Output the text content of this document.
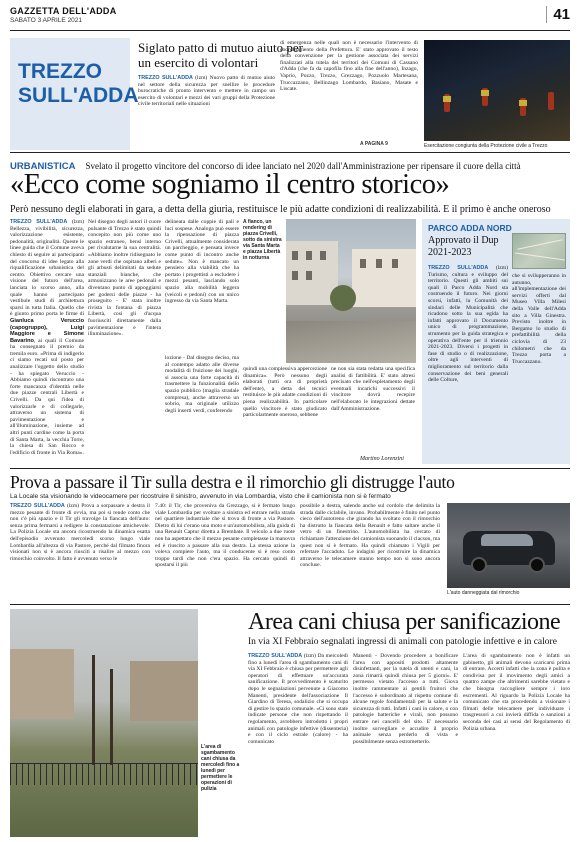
GAZZETTA DELL'ADDA
SABATO 3 APRILE 2021	41
TREZZO
SULL'ADDA
Siglato patto di mutuo aiuto per un esercito di volontari
TREZZO SULL'ADDA (lzm) Nuovo patto di mutuo aiuto nel settore della sicurezza per snellire le procedure burocratiche di pronto intervento e mettere in campo un esercito di volontari e mezzi dei vari gruppi della Protezione civile territoriali nelle situazioni
di emergenza nelle quali non è necessario l'intervento di coordinamento della Prefettura. E' stato approvato il testo della convenzione per la gestione associata dei servizi finalizzati alla tutela dei territori dei Comuni di Cassano d'Adda (che fa da capofila fino alla fine dell'anno), Inzago, Vaprio, Pozzo, Trezzo, Grezzago, Pozzuolo Martesana, Truccazzano, Bellinzago Lombardo, Basiano, Masate e Liscate.
A PAGINA 9	Esercitazione congiunta della Protezione civile a Trezzo
URBANISTICA Svelato il progetto vincitore del concorso di idee lanciato nel 2020 dall'Amministrazione per ripensare il cuore della città
«Ecco come sogniamo il centro storico»
Però nessuno degli elaborati in gara, a detta della giuria, restituisce le più adatte condizioni di realizzabilità. E il primo è anche oneroso
TREZZO SULL'ADDA (lzm) Bellezza, vivibilità, sicurezza, valorizzazione esistente, pedonalità, originalità. Queste le linee guida che il Comune aveva chiesto di seguire ai partecipanti del concorso di idee legato alla riqualificazione urbanistica del centro. Obiettivo cercare una visione del futuro dell'area, lanciata lo scorso anno, alla quale hanno partecipato vestibule studi di architettura sparsi in tutta Italia. Quello che è giunto primo porta le firme di Gianluca Veruccio (capogruppo), Luigi Maggiore e Simone Bavarino, ai quali il Comune ha consegnato il premio da tremila euro. «Prima di indigerlo ci siamo recati sul posto per analizzare l'oggetto dello studio - ha spiegato Veruccio - Abbiamo quindi riscontrato una forte mancanza d'identità nelle due piazze centrali Libertà e Crivelli. Da qui l'idea di valorizzarle e di collegarle, attraverso un sistema di pavimentazione e all'illuminazione, insieme ad altri punti cardine come la porta di Santa Marta, la vecchia Torre, la chiesa di San Rocco e l'edificio di fronte in Via Roma».
Nel disegno degli autori il cuore pulsante di Trezzo è stato quindi concepito non più come uno spazio estraneo, bensì interno per rivalutarne la sua centralità. «Abbiamo inoltre ridisegnato le zone verdi che ospitano alberi e gli arbusti delimitati da sedute stanziali bianche, che armonizzano le aree pedonali e diventano punto di appoggiarsi per godersi delle piazze - ha proseguito - E' stata inoltre rivista la fontana di piazza Libertà, così gli d'acqua fuoriusciti direttamente dalla pavimentazione e l'intera illuminazione».
delineata dalle coppie di pali e luci sospese. Analoga può essere la ripensazione di piazza Crivelli, attualmente considerata un parcheggio, e pensata invece come punto di incontro anche sedute». Non è mancato un pensiero alla viabilità che ha portato i progettisti a escludere i mezzi pesanti, lasciando solo spazio alla mobilità leggera (veicoli e pedoni) con un unico ingresso da via Santa Marta.
A fianco, un rendering di piazza Crivelli, sotto da sinistra via Santa Marta e piazza Libertà in notturna
lozione - Dal disegno deciso, ma al contempo adatto alle diverse modalità di fruizione dei luoghi, si associa una forte capacità di trasmettere la funzionalità dello spazio pubblico (maglia stradale compresa), anche attraverso un sobrio, ma originale utilizzo degli inserti verdi, conferendo
quindi una complessiva appercezione dinamica». Però nessuno degli elaborati (tutti ora di proprietà dell'ente), a detta dei tecnici restituisce le più adatte condizioni di piena realizzabilità. In particolare quello vincitore è stato giudicato particolarmente oneroso, sebbene
ne non sia stata redatta una specifica analisi di fattibilità. E' stato altresì precisato che nell'espletamento degli eventuali incarichi successivi il vincitore dovrà recepire nell'elaborato le integrazioni dettate dall'Amministrazione.
Martino Lorenzini
PARCO ADDA NORD
Approvato il Dup 2021-2023
TREZZO SULL'ADDA (lzm) Turismo, cultura e sviluppo del territorio. Questi gli ambiti sui quali il Parco Adda Nord sta costruendo il futuro. Nei giorni scorsi, infatti, la Comunità dei sindaci delle Municipalità che ricadono sotto la sua egida ha infatti approvato il Documento unico di programmazione, strumento per la guida strategica e operativa dell'ente per il triennio 2021-2023. Diversi i progetti in fase di studio o di realizzazione, oltre agli interventi di miglioramento sul territorio dalla conservazione dei beni generali delle Colture,
che si svilupperanno in autunno, all'implementazione dei servizi offerti dal Museo Villa Milesi della Valle dell'Adda sito a Villa Ginestra. Previsto inoltre in Bergamo lo studio di prefattibilità della ciclovia di 23 chilometri che da Trezzo porta a Truccazzano.
Prova a passare il Tir sulla destra e il rimorchio gli distrugge l'auto
La Locale sta visionando le videocamere per ricostruire il sinistro, avvenuto in via Lombardia, visto che il camionista non si è fermato
TREZZO SULL'ADDA (lzm) Prova a sorpassare a destra il mezzo pesante di fronte di ovvia, ma poi si rende conto che non c'è più spazio e il Tir gli travolge la fiancata dell'auto: senza prima fermarsi a redigere la constatazione amichevole. La Polizia Locale sta ancora ricostruendo la dinamica esatta dell'episodio avvenuto mercoledì scorso lungo viale Lombardia all'altezza di via Pastore, perché dal filmato finora visionati non si è ancora riusciti a risalire al mezzo con rimorchio coinvolto. Il fatto è avvenuto verso le
7.40: il Tir, che proveniva da Grezzago, si è fermato lungo viale Lombardia per svoltare a sinistra ed entrare nella strada nel quartiere industriale che si trova di fronte a via Pastore. Dietro di lui c'erano una moto e un'automobilista, alla guida di una Renault Captur diretta a Brembate. Il veicolo a due ruote non ha aspettato che il mezzo pesante completasse la manovra ed è riuscito a passare alla sua destra. La stessa azione la voleva compiere l'auto, ma il conducente si è reso conto troppo tardi che non c'era spazio. Ha cercato quindi di spostarsi il più
possibile a destra, salendo anche sul cordolo che delimita la strada dalle ciclabile, invano. Probabilmente è finito nel punto cieco dell'autotreno che girando ha svoltato con il rimorchio ha distrutto la fiancata della Renault e fatto saltare anche il vetro di un finestrino. L'automobilista ha cercato di richiamare l'attenzione del camionista suonando il clacson, ma quest non si è fermato. Ha quindi chiamato i Vigili per refertare l'accaduto. Le indagini per ricostruire la dinamica attraverso le telecamere stanno tempo non si sono ancora concluse.
L'auto danneggiata dal rimorchio
L'area di sgambamento cani chiusa da mercoledì fino a lunedì per permettere le operazioni di pulizia
Area cani chiusa per sanificazione
In via XI Febbraio segnalati ingressi di animali con patologie infettive e in calore
TREZZO SULL'ADDA (lzm) Da mercoledì fino a lunedì l'area di sgambamento cani di via XI Febbraio è chiusa per permettere agli operatori di effettuare un'accurata sanificazione. Il provvedimento è scaturito dopo le segnalazioni pervenute a Giacomo Manenti, presidente dell'associazione Il Giardino di Teresa, sodalizio che si occupa di gestire lo spazio comunale. «Ci sono state indicate persone che non rispettando il regolamento, avrebbero introdotto i propri animali con patologie infettive (dissenteria) e con il ciclo estrale (calore) - ha comunicato
Manenti - Dovendo procedere a bonificare l'area con appositi prodotti altamente disinfettanti, per la tutela di utenti e cani, la zona rimarrà quindi chiusa per 5 giorni». E' permesso vietato l'accesso a tutti. Giova inoltre rammentare ai gentili fruitori che l'accesso è subordinato al rispetto comune di alcune regole fondamentali per la salute e la sicurezza di tutti. Infatti i cani in calore, o con patologie batteriche e virali, non possono entrare nei cancelli del sito. E' necessario inoltre sorvegliare e accudire il proprio animale senza perderlo di vista e possibilmente senza estrometterlo.
L'area di sgambamento non è infatti un gabinetto, gli animali devono scaricarsi prima di entrare. Accerti infatti che la zona è pulita e condivisa per il movimento degli amici a quattro zampe che altrimenti sarebbe vietato e che bisogna raccogliere sempre i loro escrementi. Al riguardo la Polizia Locale ha comunicato che sta procedendo a visionare i filmati delle telecamere per individuare i trasgressori a cui invierà diffida o sanzioni a seconda dei casi ai sensi del Regolamento di Polizia urbana.
